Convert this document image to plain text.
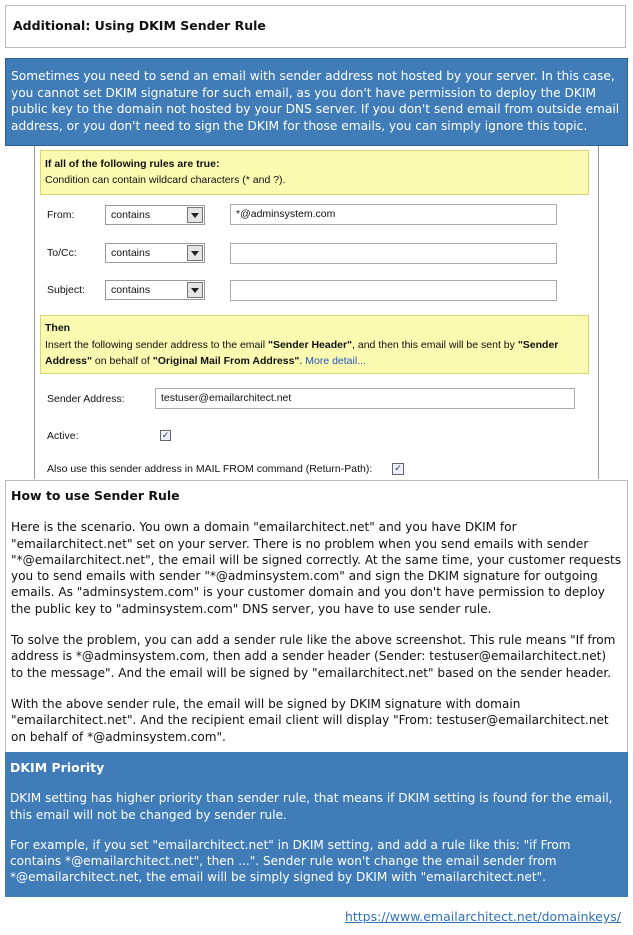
Additional: Using DKIM Sender Rule
Sometimes you need to send an email with sender address not hosted by your server. In this case, you cannot set DKIM signature for such email, as you don't have permission to deploy the DKIM public key to the domain not hosted by your DNS server. If you don't send email from outside email address, or you don't need to sign the DKIM for those emails, you can simply ignore this topic.
If all of the following rules are true:
Condition can contain wildcard characters (* and ?).
From:	contains	*@adminsystem.com
To/Cc:	contains
Subject:	contains
Then
Insert the following sender address to the email "Sender Header", and then this email will be sent by "Sender Address" on behalf of "Original Mail From Address". More detail...
Sender Address:	testuser@emailarchitect.net
Active:	✓
Also use this sender address in MAIL FROM command (Return-Path): ✓
How to use Sender Rule

Here is the scenario. You own a domain "emailarchitect.net" and you have DKIM for "emailarchitect.net" set on your server. There is no problem when you send emails with sender "*@emailarchitect.net", the email will be signed correctly. At the same time, your customer requests you to send emails with sender "*@adminsystem.com" and sign the DKIM signature for outgoing emails. As "adminsystem.com" is your customer domain and you don't have permission to deploy the public key to "adminsystem.com" DNS server, you have to use sender rule.

To solve the problem, you can add a sender rule like the above screenshot. This rule means "If from address is *@adminsystem.com, then add a sender header (Sender: testuser@emailarchitect.net) to the message". And the email will be signed by "emailarchitect.net" based on the sender header.

With the above sender rule, the email will be signed by DKIM signature with domain "emailarchitect.net". And the recipient email client will display "From: testuser@emailarchitect.net on behalf of *@adminsystem.com".

DKIM Priority

DKIM setting has higher priority than sender rule, that means if DKIM setting is found for the email, this email will not be changed by sender rule.

For example, if you set "emailarchitect.net" in DKIM setting, and add a rule like this: "if From contains *@emailarchitect.net", then ...". Sender rule won't change the email sender from *@emailarchitect.net, the email will be simply signed by DKIM with "emailarchitect.net".

https://www.emailarchitect.net/domainkeys/
